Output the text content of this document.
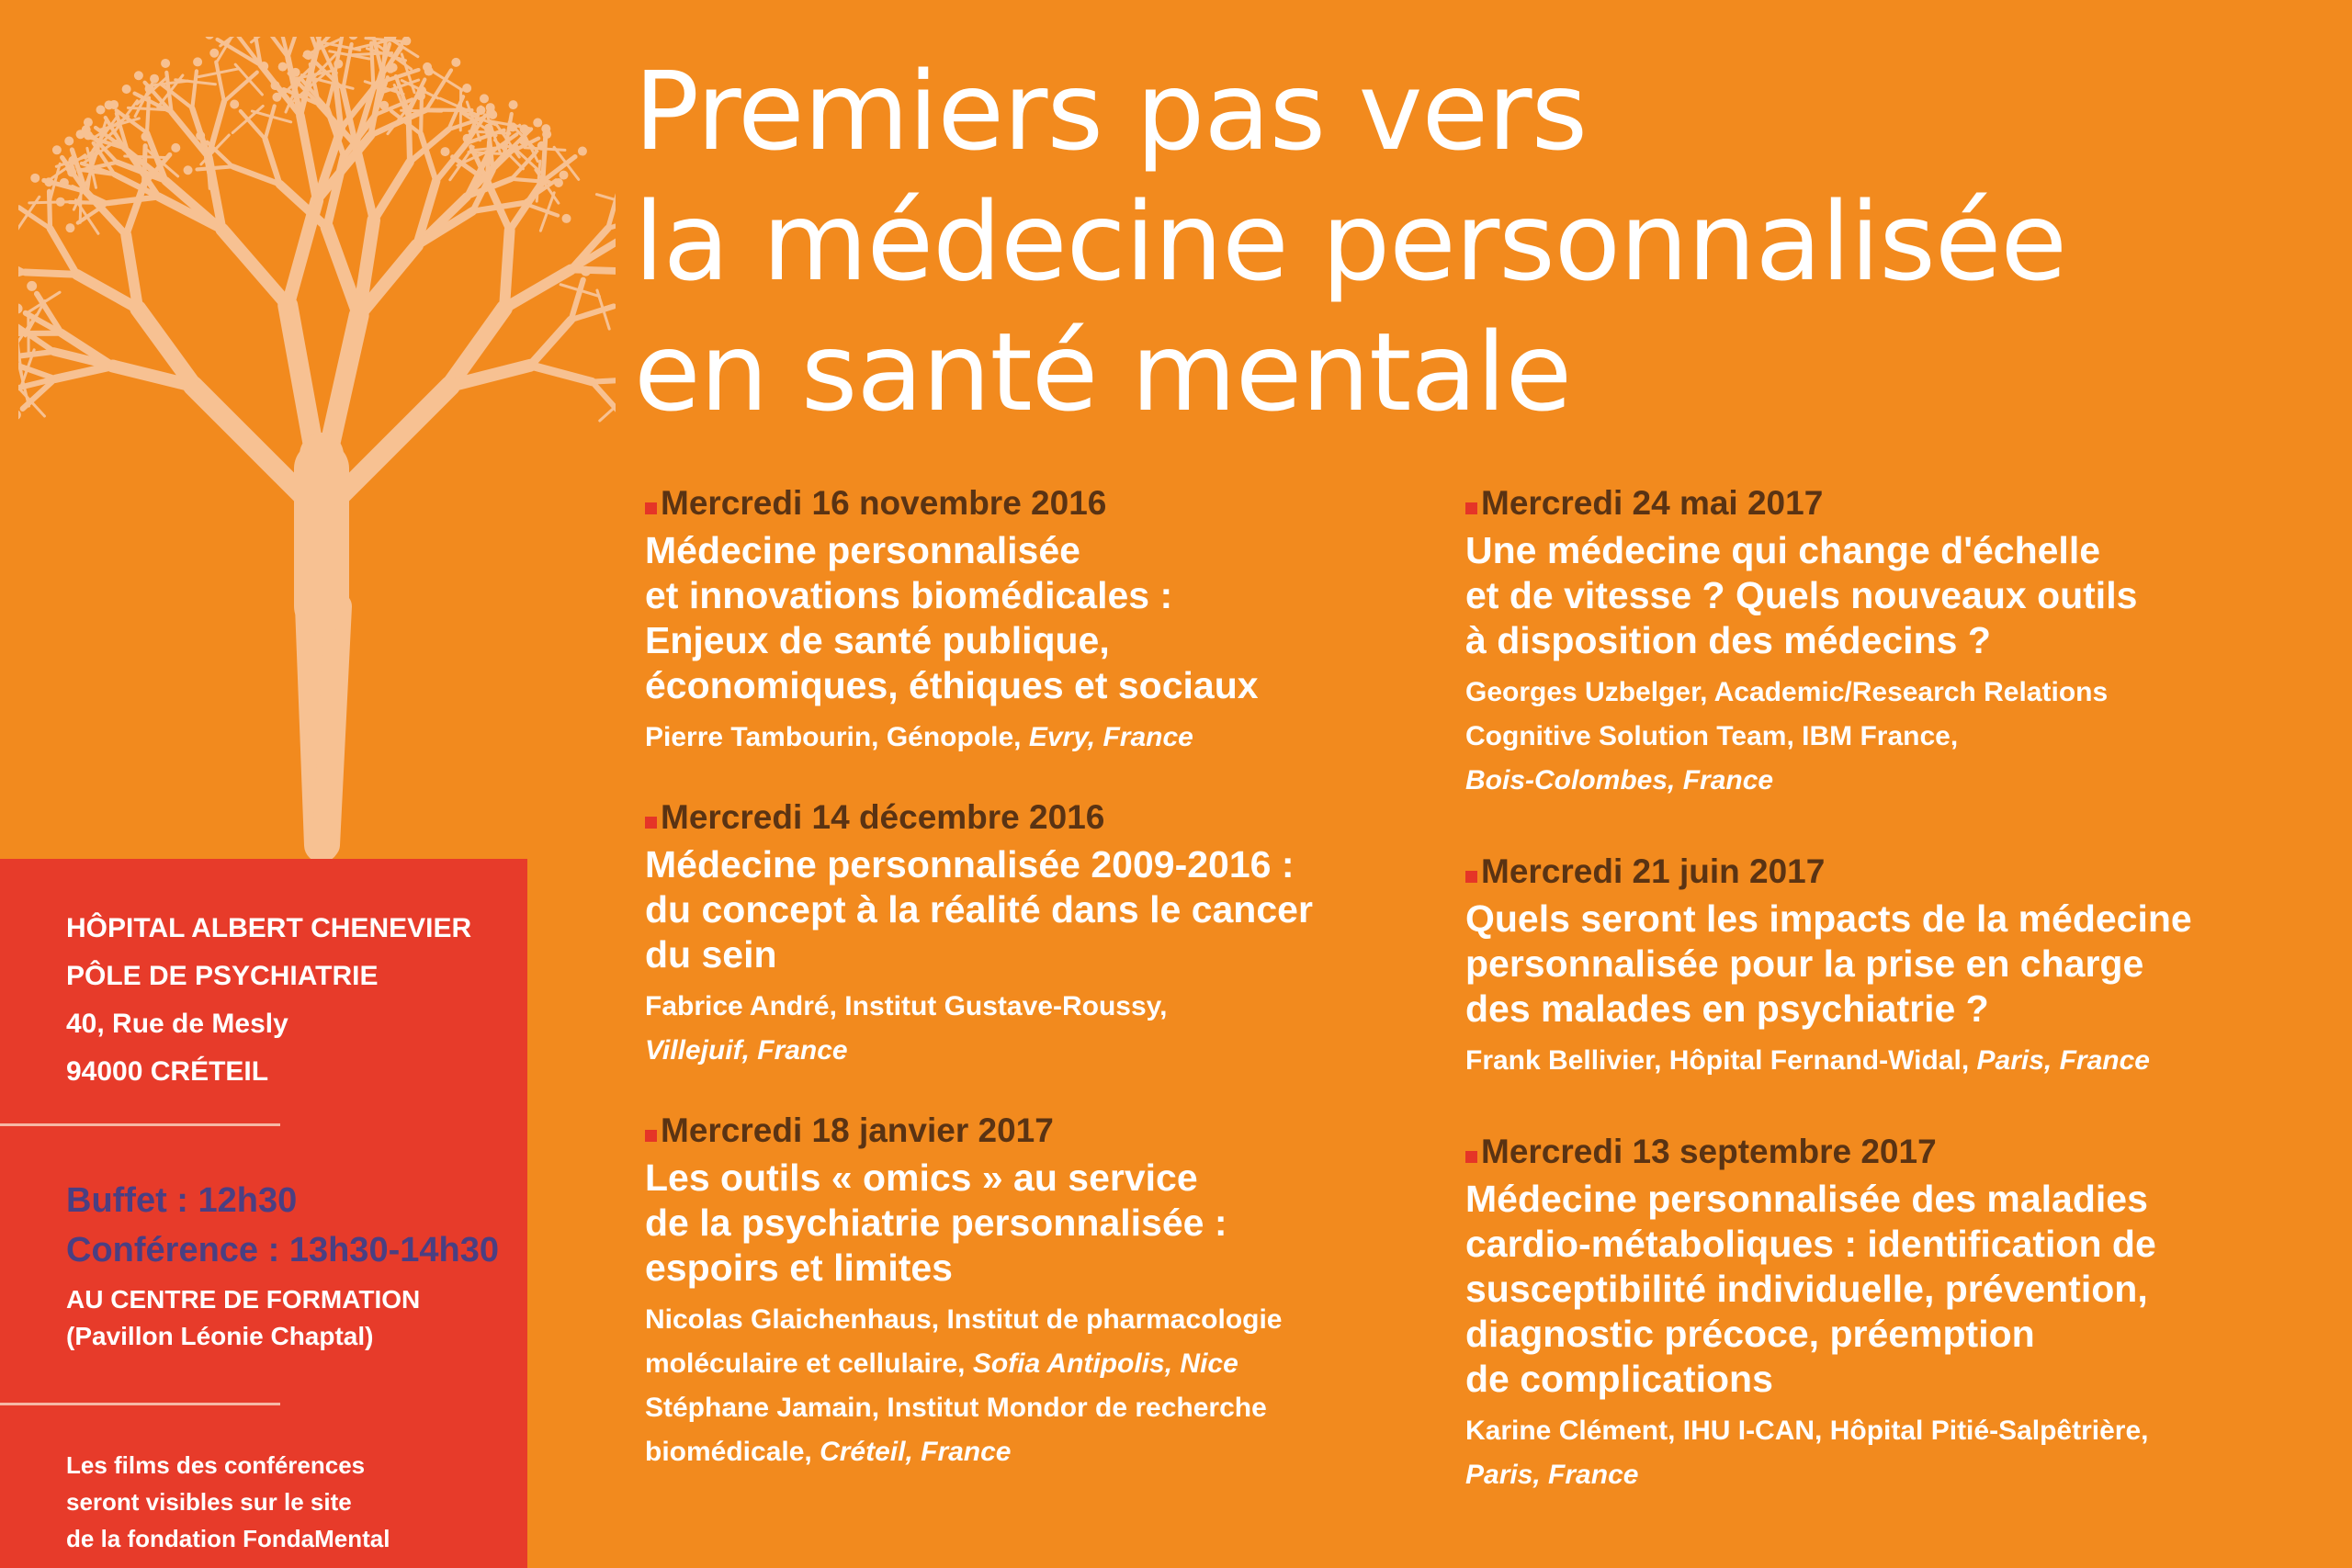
Premiers pas vers
la médecine personnalisée
en santé mentale
Mercredi 16 novembre 2016
Médecine personnalisée
et innovations biomédicales :
Enjeux de santé publique,
économiques, éthiques et sociaux
Pierre Tambourin, Génopole, Evry, France
Mercredi 14 décembre 2016
Médecine personnalisée 2009-2016 :
du concept à la réalité dans le cancer
du sein
Fabrice André, Institut Gustave-Roussy,
Villejuif, France
Mercredi 18 janvier 2017
Les outils « omics » au service
de la psychiatrie personnalisée :
espoirs et limites
Nicolas Glaichenhaus, Institut de pharmacologie
moléculaire et cellulaire, Sofia Antipolis, Nice
Stéphane Jamain, Institut Mondor de recherche
biomédicale, Créteil, France
Mercredi 24 mai 2017
Une médecine qui change d'échelle
et de vitesse ? Quels nouveaux outils
à disposition des médecins ?
Georges Uzbelger, Academic/Research Relations
Cognitive Solution Team, IBM France,
Bois-Colombes, France
Mercredi 21 juin 2017
Quels seront les impacts de la médecine
personnalisée pour la prise en charge
des malades en psychiatrie ?
Frank Bellivier, Hôpital Fernand-Widal, Paris, France
Mercredi 13 septembre 2017
Médecine personnalisée des maladies
cardio-métaboliques : identification de
susceptibilité individuelle, prévention,
diagnostic précoce, préemption
de complications
Karine Clément, IHU I-CAN, Hôpital Pitié-Salpêtrière,
Paris, France
HÔPITAL ALBERT CHENEVIER
PÔLE DE PSYCHIATRIE
40, Rue de Mesly
94000 CRÉTEIL
Buffet : 12h30
Conférence : 13h30-14h30
AU CENTRE DE FORMATION
(Pavillon Léonie Chaptal)
Les films des conférences
seront visibles sur le site
de la fondation FondaMental
